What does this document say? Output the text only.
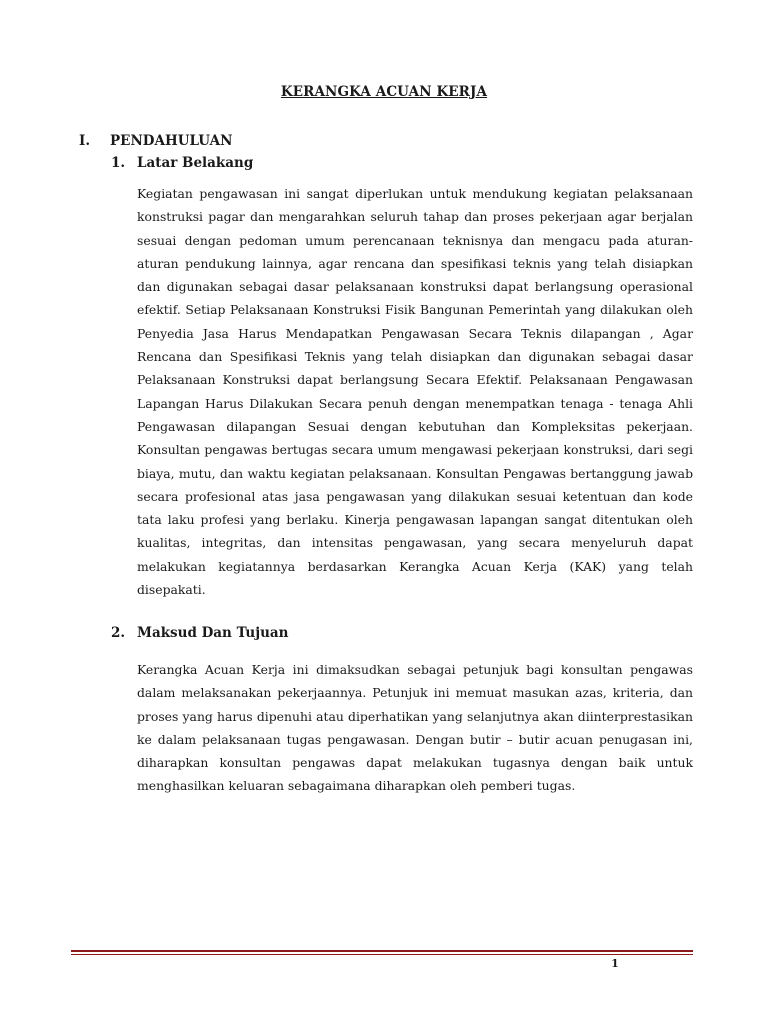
KERANGKA ACUAN KERJA
I.	PENDAHULUAN
1. Latar Belakang

Kegiatan pengawasan ini sangat diperlukan untuk mendukung kegiatan pelaksanaan konstruksi pagar dan mengarahkan seluruh tahap dan proses pekerjaan agar berjalan sesuai dengan pedoman umum perencanaan teknisnya dan mengacu pada aturan-aturan pendukung lainnya, agar rencana dan spesifikasi teknis yang telah disiapkan dan digunakan sebagai dasar pelaksanaan konstruksi dapat berlangsung operasional efektif. Setiap Pelaksanaan Konstruksi Fisik Bangunan Pemerintah yang dilakukan oleh Penyedia Jasa Harus Mendapatkan Pengawasan Secara Teknis dilapangan , Agar Rencana dan Spesifikasi Teknis yang telah disiapkan dan digunakan sebagai dasar Pelaksanaan Konstruksi dapat berlangsung Secara Efektif. Pelaksanaan Pengawasan Lapangan Harus Dilakukan Secara penuh dengan menempatkan tenaga - tenaga Ahli Pengawasan dilapangan Sesuai dengan kebutuhan dan Kompleksitas pekerjaan. Konsultan pengawas bertugas secara umum mengawasi pekerjaan konstruksi, dari segi biaya, mutu, dan waktu kegiatan pelaksanaan. Konsultan Pengawas bertanggung jawab secara profesional atas jasa pengawasan yang dilakukan sesuai ketentuan dan kode tata laku profesi yang berlaku. Kinerja pengawasan lapangan sangat ditentukan oleh kualitas, integritas, dan intensitas pengawasan, yang secara menyeluruh dapat melakukan kegiatannya berdasarkan Kerangka Acuan Kerja (KAK) yang telah disepakati.

2. Maksud Dan Tujuan

Kerangka Acuan Kerja ini dimaksudkan sebagai petunjuk bagi konsultan pengawas dalam melaksanakan pekerjaannya. Petunjuk ini memuat masukan azas, kriteria, dan proses yang harus dipenuhi atau diperhatikan yang selanjutnya akan diinterprestasikan ke dalam pelaksanaan tugas pengawasan. Dengan butir – butir acuan penugasan ini, diharapkan konsultan pengawas dapat melakukan tugasnya dengan baik untuk menghasilkan keluaran sebagaimana diharapkan oleh pemberi tugas.

1
